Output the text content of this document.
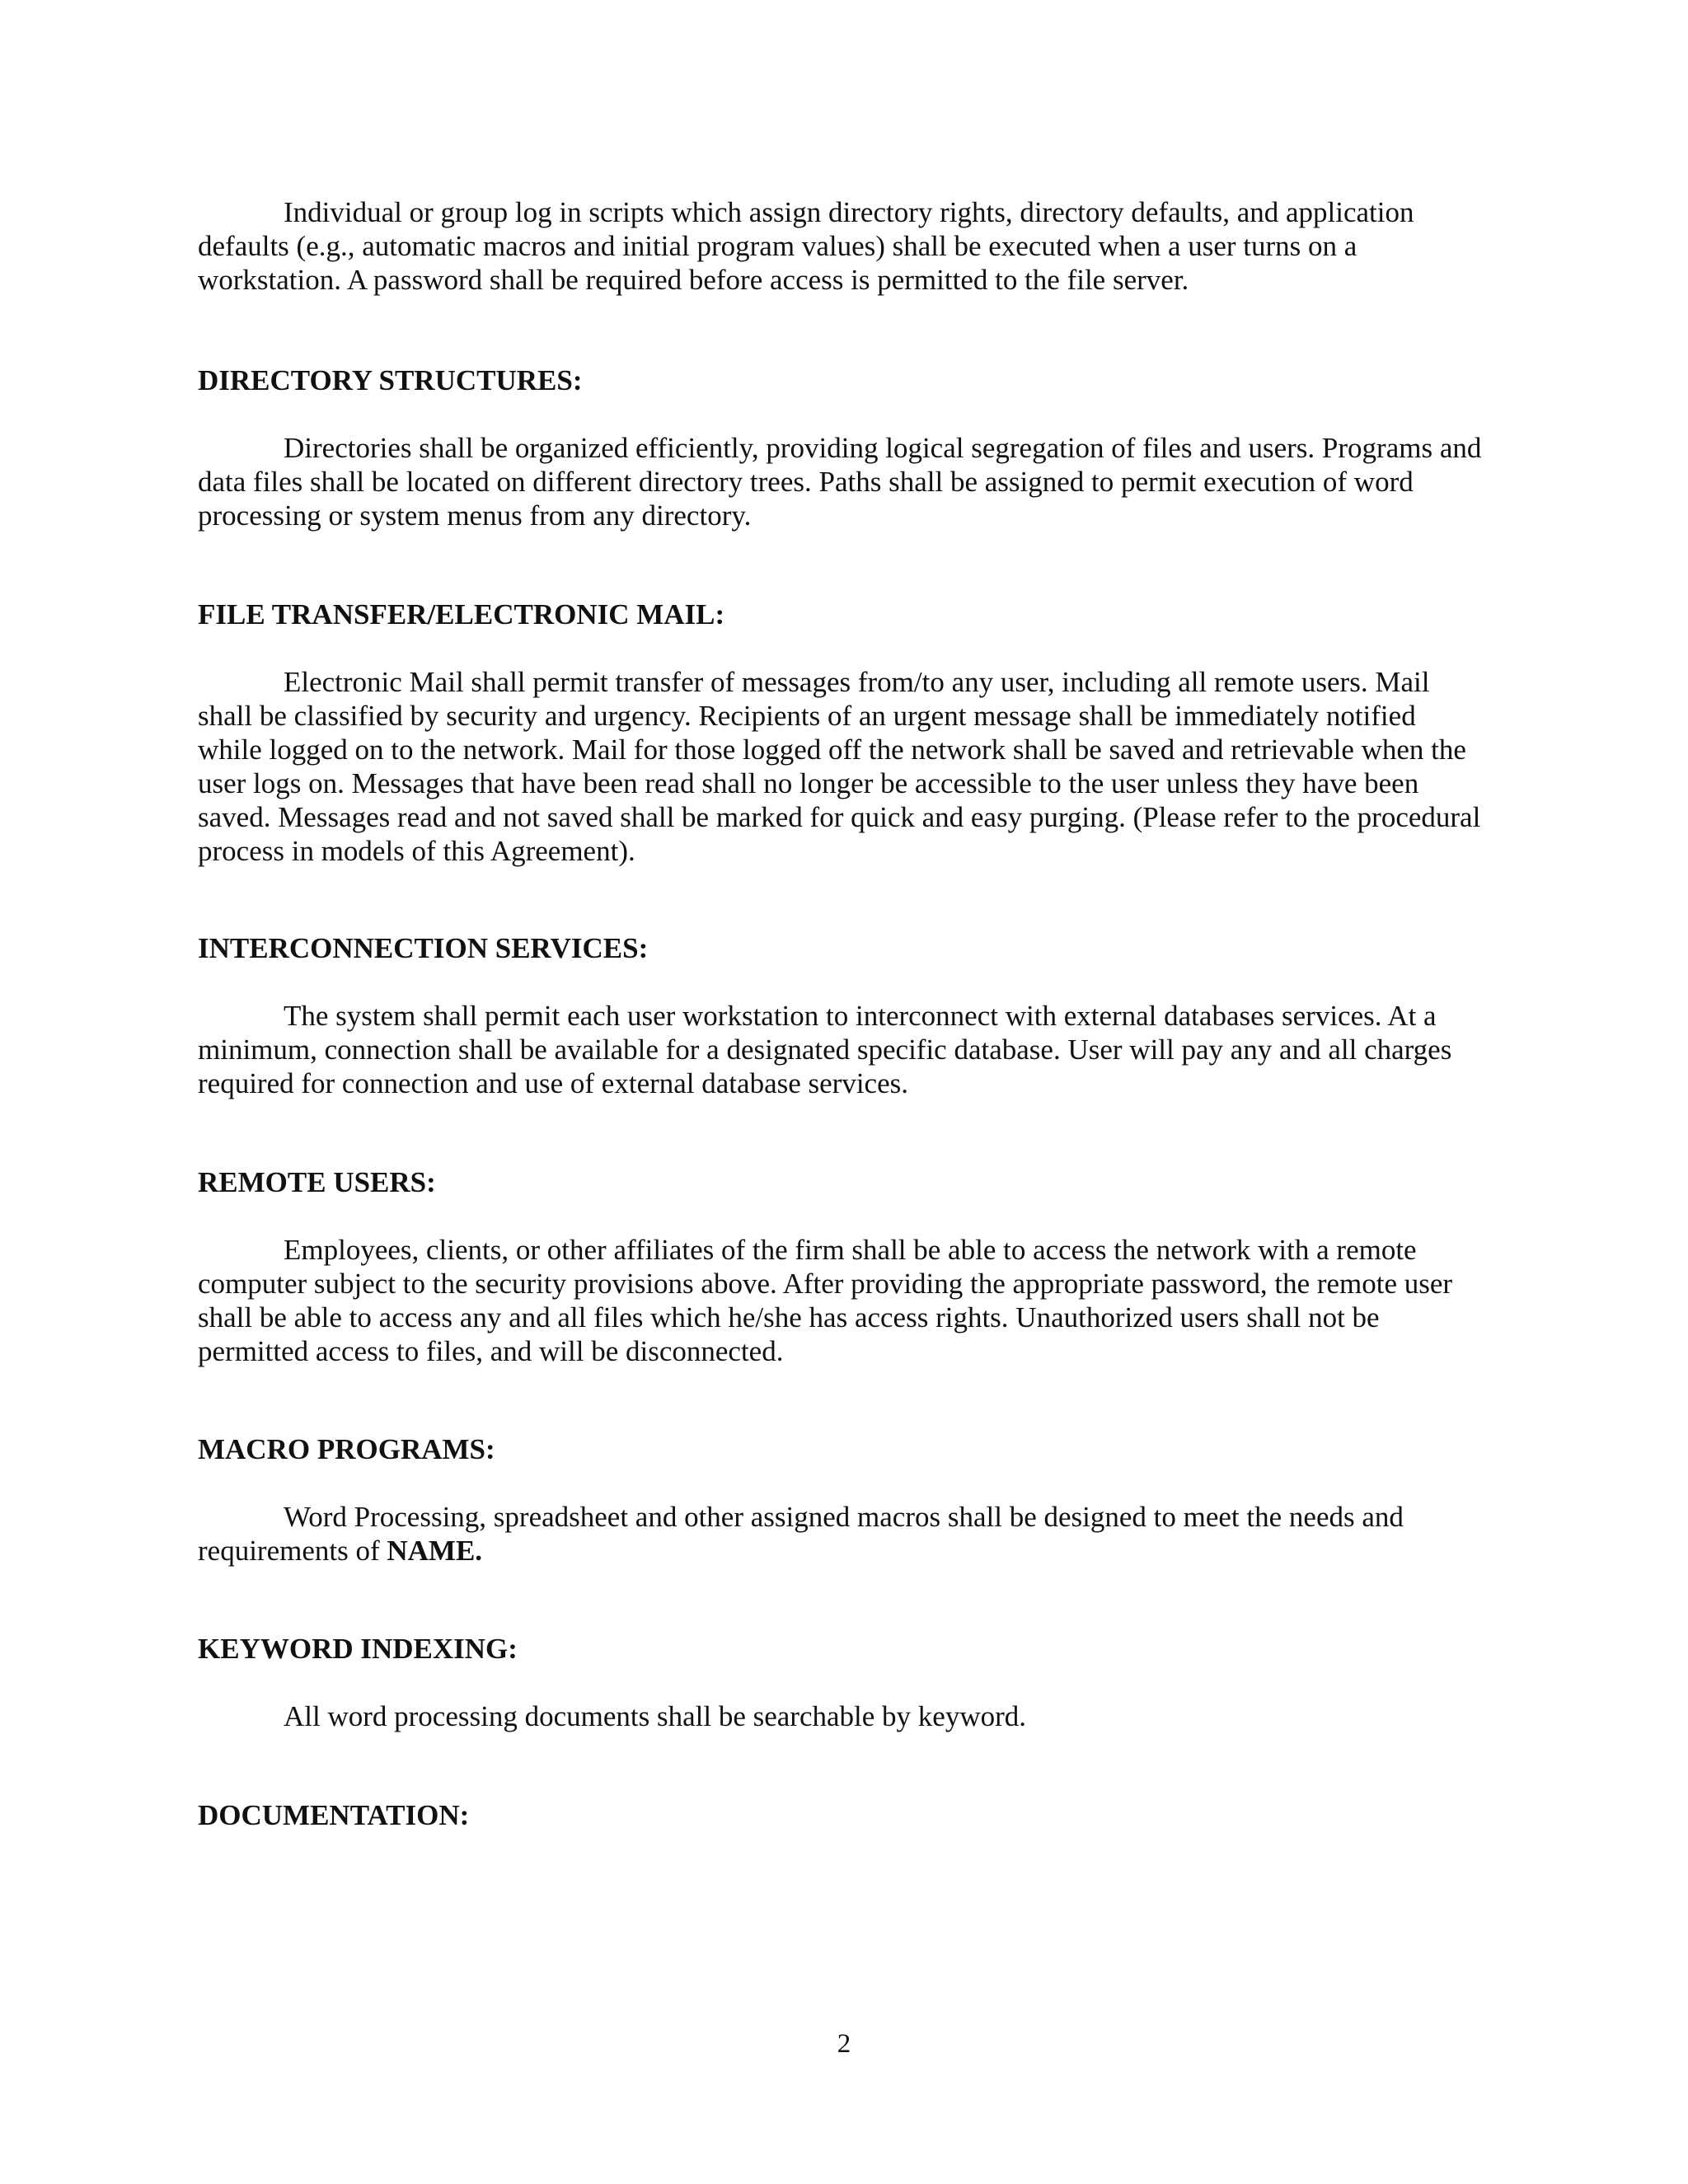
Individual or group log in scripts which assign directory rights, directory defaults, and application defaults (e.g., automatic macros and initial program values) shall be executed when a user turns on a workstation. A password shall be required before access is permitted to the file server.

DIRECTORY STRUCTURES:

Directories shall be organized efficiently, providing logical segregation of files and users. Programs and data files shall be located on different directory trees. Paths shall be assigned to permit execution of word processing or system menus from any directory.

FILE TRANSFER/ELECTRONIC MAIL:

Electronic Mail shall permit transfer of messages from/to any user, including all remote users. Mail shall be classified by security and urgency. Recipients of an urgent message shall be immediately notified while logged on to the network. Mail for those logged off the network shall be saved and retrievable when the user logs on. Messages that have been read shall no longer be accessible to the user unless they have been saved. Messages read and not saved shall be marked for quick and easy purging. (Please refer to the procedural process in models of this Agreement).

INTERCONNECTION SERVICES:

The system shall permit each user workstation to interconnect with external databases services. At a minimum, connection shall be available for a designated specific database. User will pay any and all charges required for connection and use of external database services.

REMOTE USERS:

Employees, clients, or other affiliates of the firm shall be able to access the network with a remote computer subject to the security provisions above. After providing the appropriate password, the remote user shall be able to access any and all files which he/she has access rights. Unauthorized users shall not be permitted access to files, and will be disconnected.

MACRO PROGRAMS:

Word Processing, spreadsheet and other assigned macros shall be designed to meet the needs and requirements of NAME.

KEYWORD INDEXING:

All word processing documents shall be searchable by keyword.

DOCUMENTATION:

2
